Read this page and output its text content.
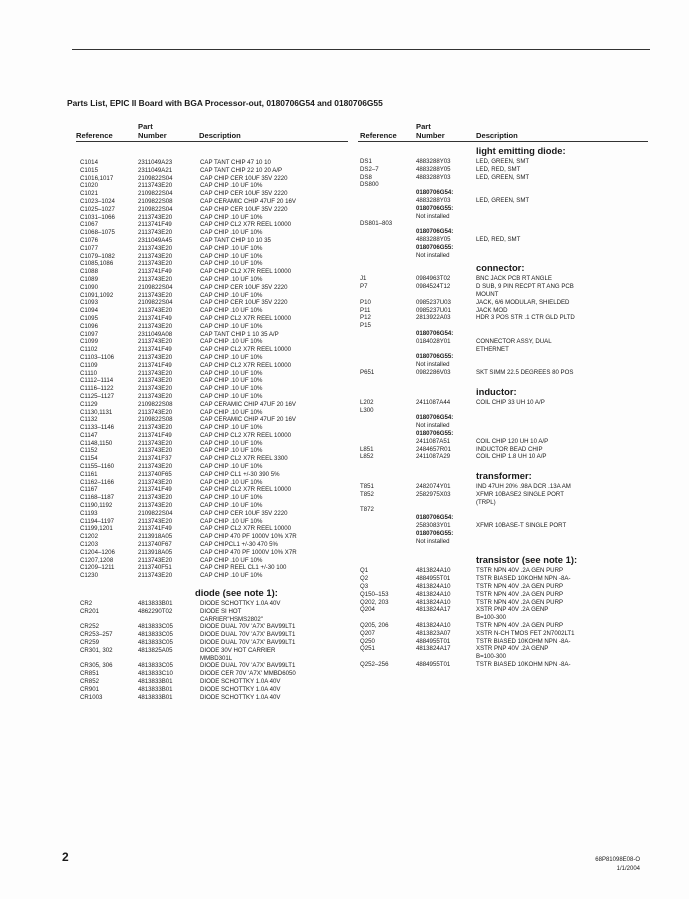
Parts List, EPIC II Board with BGA Processor-out, 0180706G54 and 0180706G55
Reference
Part
Number	Description
C1014	2311049A23	CAP TANT CHIP 47 10 10
C1015	2311049A21	CAP TANT CHIP 22 10 20 A/P
C1016,1017	2109822S04	CAP CHIP CER 10UF 35V 2220
C1020	2113743E20	CAP CHIP .10 UF 10%
C1021	2109822S04	CAP CHIP CER 10UF 35V 2220
C1023–1024	2109822S08	CAP CERAMIC CHIP 47UF 20 16V
C1025–1027	2109822S04	CAP CHIP CER 10UF 35V 2220
C1031–1066	2113743E20	CAP CHIP .10 UF 10%
C1067	2113741F49	CAP CHIP CL2 X7R REEL 10000
C1068–1075	2113743E20	CAP CHIP .10 UF 10%
C1076	2311049A45	CAP TANT CHIP 10 10 35
C1077	2113743E20	CAP CHIP .10 UF 10%
C1079–1082	2113743E20	CAP CHIP .10 UF 10%
C1085,1086	2113743E20	CAP CHIP .10 UF 10%
C1088	2113741F49	CAP CHIP CL2 X7R REEL 10000
C1089	2113743E20	CAP CHIP .10 UF 10%
C1090	2109822S04	CAP CHIP CER 10UF 35V 2220
C1091,1092	2113743E20	CAP CHIP .10 UF 10%
C1093	2109822S04	CAP CHIP CER 10UF 35V 2220
C1094	2113743E20	CAP CHIP .10 UF 10%
C1095	2113741F49	CAP CHIP CL2 X7R REEL 10000
C1096	2113743E20	CAP CHIP .10 UF 10%
C1097	2311049A08	CAP TANT CHIP 1 10 35 A/P
C1099	2113743E20	CAP CHIP .10 UF 10%
C1102	2113741F49	CAP CHIP CL2 X7R REEL 10000
C1103–1106	2113743E20	CAP CHIP .10 UF 10%
C1109	2113741F49	CAP CHIP CL2 X7R REEL 10000
C1110	2113743E20	CAP CHIP .10 UF 10%
C1112–1114	2113743E20	CAP CHIP .10 UF 10%
C1116–1122	2113743E20	CAP CHIP .10 UF 10%
C1125–1127	2113743E20	CAP CHIP .10 UF 10%
C1129	2109822S08	CAP CERAMIC CHIP 47UF 20 16V
C1130,1131	2113743E20	CAP CHIP .10 UF 10%
C1132	2109822S08	CAP CERAMIC CHIP 47UF 20 16V
C1133–1146	2113743E20	CAP CHIP .10 UF 10%
C1147	2113741F49	CAP CHIP CL2 X7R REEL 10000
C1148,1150	2113743E20	CAP CHIP .10 UF 10%
C1152	2113743E20	CAP CHIP .10 UF 10%
C1154	2113741F37	CAP CHIP CL2 X7R REEL 3300
C1155–1160	2113743E20	CAP CHIP .10 UF 10%
C1161	2113740F65	CAP CHIP CL1 +/-30 390 5%
C1162–1166	2113743E20	CAP CHIP .10 UF 10%
C1167	2113741F49	CAP CHIP CL2 X7R REEL 10000
C1168–1187	2113743E20	CAP CHIP .10 UF 10%
C1190,1192	2113743E20	CAP CHIP .10 UF 10%
C1193	2109822S04	CAP CHIP CER 10UF 35V 2220
C1194–1197	2113743E20	CAP CHIP .10 UF 10%
C1199,1201	2113741F49	CAP CHIP CL2 X7R REEL 10000
C1202	2113918A05	CAP CHIP 470 PF 1000V 10% X7R
C1203	2113740F67	CAP CHIPCL1 +/-30 470 5%
C1204–1206	2113918A05	CAP CHIP 470 PF 1000V 10% X7R
C1207,1208	2113743E20	CAP CHIP .10 UF 10%
C1209–1211	2113740F51	CAP CHIP REEL CL1 +/-30 100
C1230	2113743E20	CAP CHIP .10 UF 10%
diode (see note 1):
CR2	4813833B01	DIODE SCHOTTKY 1.0A 40V
CR201	4862290T02	DIODE SI HOT
CARRIER"HSMS2802"
CR252	4813833C05	DIODE DUAL 70V 'A7X' BAV99LT1
CR253–257	4813833C05	DIODE DUAL 70V 'A7X' BAV99LT1
CR259	4813833C05	DIODE DUAL 70V 'A7X' BAV99LT1
CR301, 302	4813825A05	DIODE 30V HOT CARRIER
MMBD301L
CR305, 306	4813833C05	DIODE DUAL 70V 'A7X' BAV99LT1
CR851	4813833C10	DIODE CER 70V 'A7X' MMBD6050
CR852	4813833B01	DIODE SCHOTTKY 1.0A 40V
CR901	4813833B01	DIODE SCHOTTKY 1.0A 40V
CR1003	4813833B01	DIODE SCHOTTKY 1.0A 40V
Reference
Part
Number	Description
light emitting diode:
DS1	4883288Y03	LED, GREEN, SMT
DS2–7	4883288Y05	LED, RED, SMT
DS8	4883288Y03	LED, GREEN, SMT
DS800
0180706G54:
4883288Y03	LED, GREEN, SMT
0180706G55:
Not installed
DS801–803
0180706G54:
4883288Y05	LED, RED, SMT
0180706G55:
Not installed
connector:
J1	0984963T02	BNC JACK PCB RT ANGLE
P7	0984524T12	D SUB, 9 PIN RECPT RT ANG PCB
MOUNT
P10	0985237U03	JACK, 6/6 MODULAR, SHIELDED
P11	0985237U01	JACK MOD
P12	2813922A03	HDR 3 POS STR .1 CTR GLD PLTD
P15
0180706G54:
0184028Y01	CONNECTOR ASSY, DUAL
ETHERNET
0180706G55:
Not installed
P651	0982286V03	SKT SIMM 22.5 DEGREES 80 POS
inductor:
L202	2411087A44	COIL CHIP 33 UH 10 A/P
L300
0180706G54:
Not installed
0180706G55:
2411087A51	COIL CHIP 120 UH 10 A/P
L851	2484657R01	INDUCTOR BEAD CHIP
L852	2411087A29	COIL CHIP 1.8 UH 10 A/P
transformer:
T851	2482074Y01	IND 47UH 20% .98A DCR .13A AM
T852	2582975X03	XFMR 10BASE2 SINGLE PORT
(TRPL)
T872
0180706G54:
2583083Y01	XFMR 10BASE-T SINGLE PORT
0180706G55:
Not installed
transistor (see note 1):
Q1	4813824A10	TSTR NPN 40V .2A GEN PURP
Q2	4884955T01	TSTR BIASED 10KOHM NPN -8A-
Q3	4813824A10	TSTR NPN 40V .2A GEN PURP
Q150–153	4813824A10	TSTR NPN 40V .2A GEN PURP
Q202, 203	4813824A10	TSTR NPN 40V .2A GEN PURP
Q204	4813824A17	XSTR PNP 40V .2A GENP
B=100-300
Q205, 206	4813824A10	TSTR NPN 40V .2A GEN PURP
Q207	4813823A07	XSTR N-CH TMOS FET 2N7002LT1
Q250	4884955T01	TSTR BIASED 10KOHM NPN -8A-
Q251	4813824A17	XSTR PNP 40V .2A GENP
B=100-300
Q252–256	4884955T01	TSTR BIASED 10KOHM NPN -8A-
2	68P81098E08-O
1/1/2004
